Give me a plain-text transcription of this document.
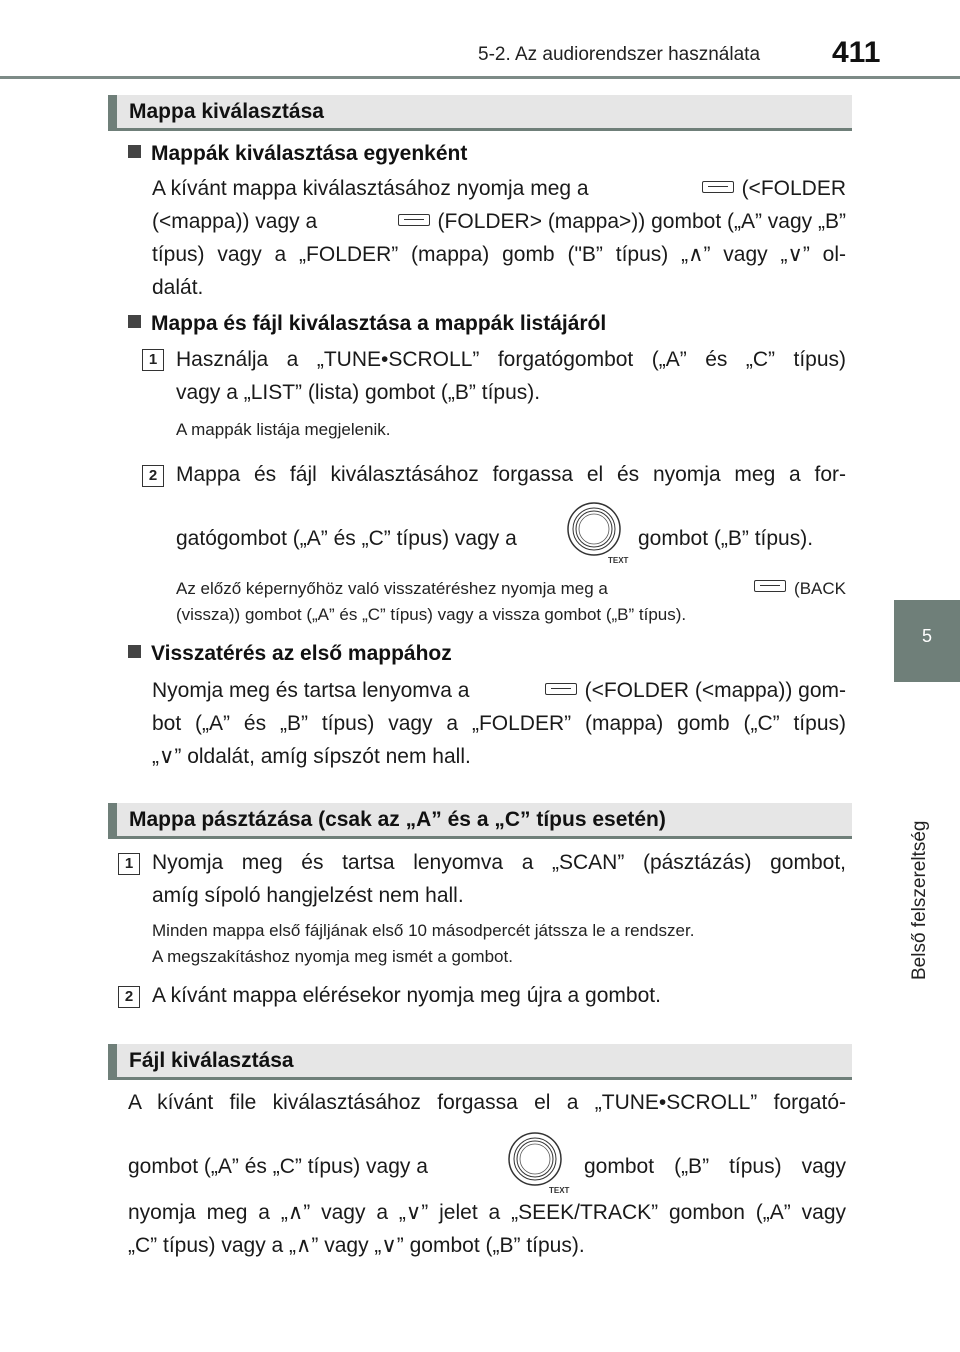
5-2. Az audiorendszer használata 411
5
Belső felszereltség
Mappa kiválasztása
Mappák kiválasztása egyenként
A kívánt mappa kiválasztásához nyomja meg a	(<FOLDER
(<mappa)) vagy a	(FOLDER> (mappa>)) gombot („A” vagy „B”
típus) vagy a „FOLDER” (mappa) gomb ("B” típus) „∧” vagy „∨” ol-
dalát.
Mappa és fájl kiválasztása a mappák listájáról
1 Használja a „TUNE•SCROLL” forgatógombot („A” és „C” típus)
vagy a „LIST” (lista) gombot („B” típus).
A mappák listája megjelenik.
2 Mappa és fájl kiválasztásához forgassa el és nyomja meg a for-
gatógombot („A” és „C” típus) vagy a
TEXT
gombot („B” típus).
Az előző képernyőhöz való visszatéréshez nyomja meg a	(BACK
(vissza)) gombot („A” és „C” típus) vagy a vissza gombot („B” típus).
Visszatérés az első mappához
Nyomja meg és tartsa lenyomva a	(<FOLDER (<mappa)) gom-
bot („A” és „B” típus) vagy a „FOLDER” (mappa) gomb („C” típus)
„∨” oldalát, amíg sípszót nem hall.
Mappa pásztázása (csak az „A” és a „C” típus esetén)
1 Nyomja meg és tartsa lenyomva a „SCAN” (pásztázás) gombot,
amíg sípoló hangjelzést nem hall.
Minden mappa első fájljának első 10 másodpercét játssza le a rendszer.
A megszakításhoz nyomja meg ismét a gombot.
2 A kívánt mappa elérésekor nyomja meg újra a gombot.
Fájl kiválasztása
A kívánt file kiválasztásához forgassa el a „TUNE•SCROLL” forgató-
gombot („A” és „C” típus) vagy a
TEXT
gombot („B” típus) vagy
nyomja meg a „∧” vagy a „∨” jelet a „SEEK/TRACK” gombon („A” vagy
„C” típus) vagy a „∧” vagy „∨” gombot („B” típus).
